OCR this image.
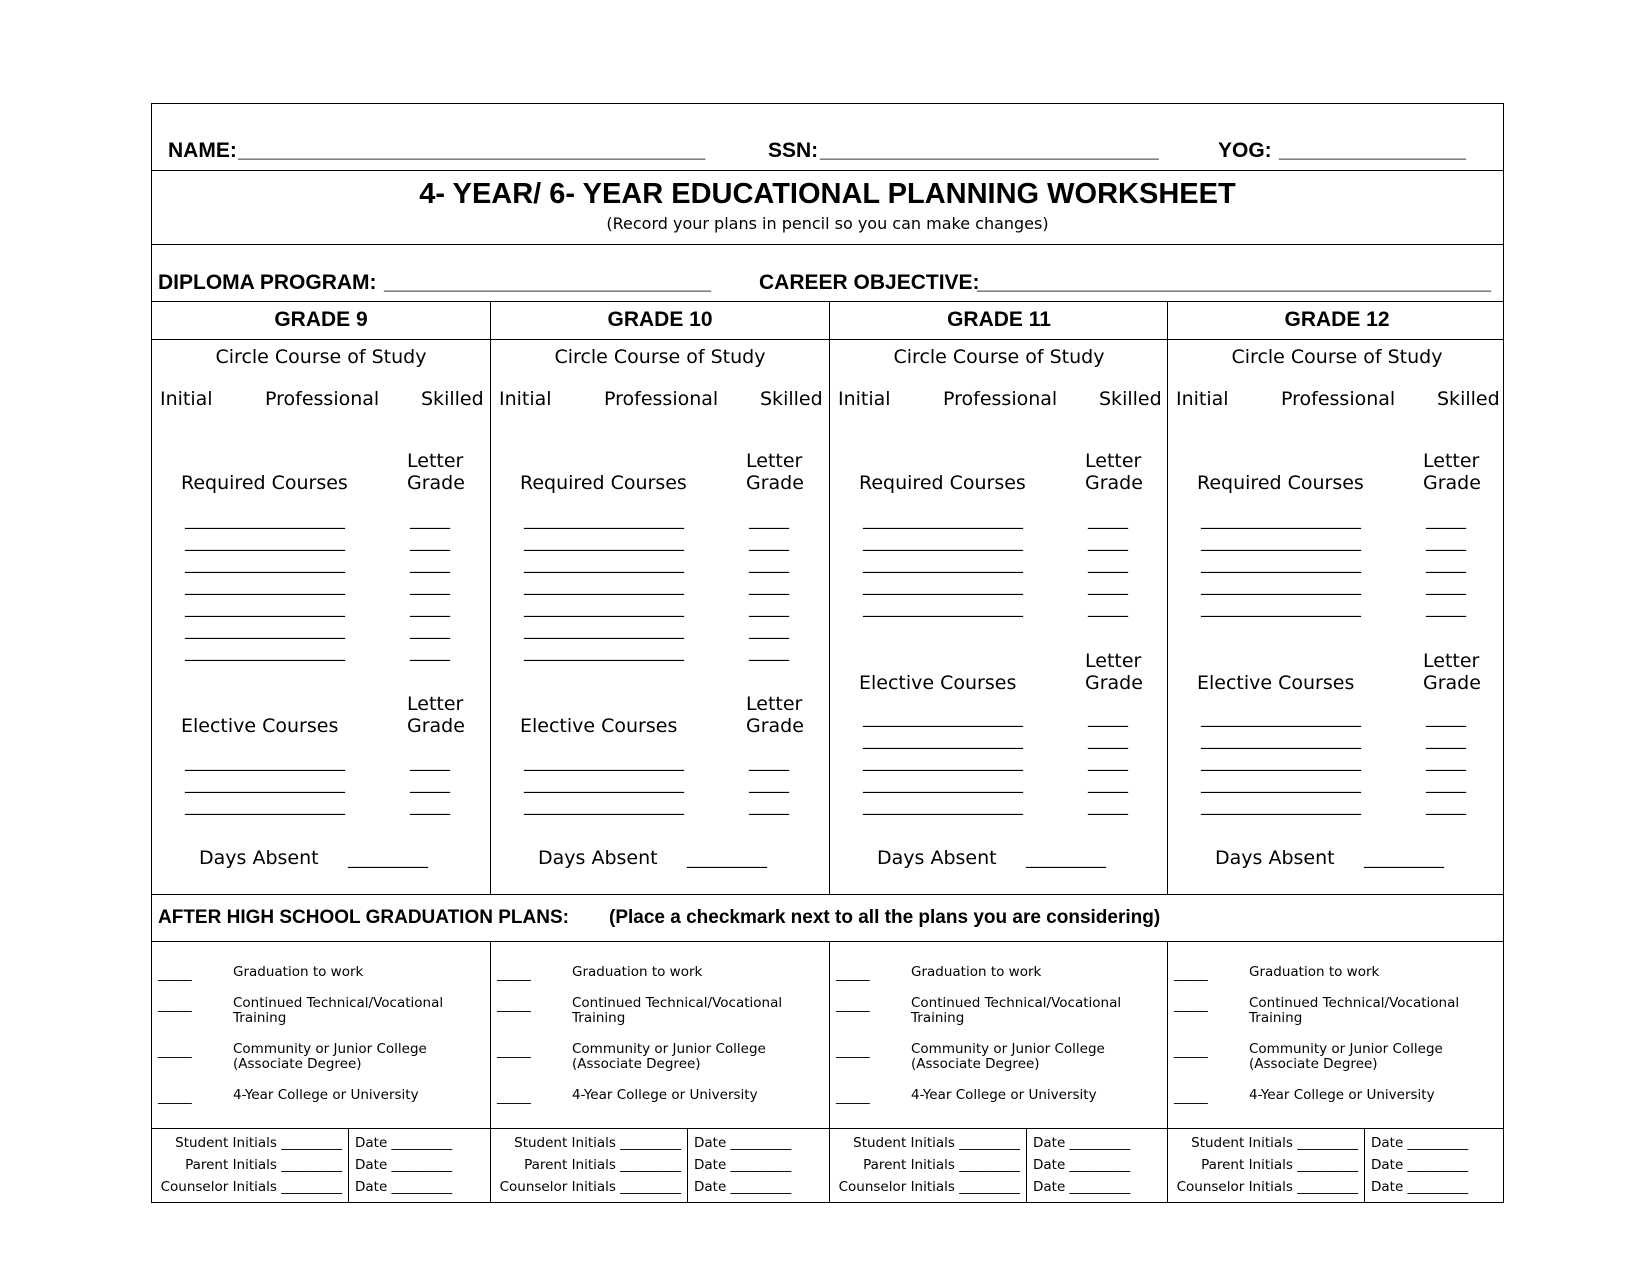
NAME: ________________________________________	SSN: _____________________________	YOG: ________________
4- YEAR/ 6- YEAR EDUCATIONAL PLANNING WORKSHEET
(Record your plans in pencil so you can make changes)
DIPLOMA PROGRAM: ____________________________ CAREER OBJECTIVE:
____________________________________________
AFTER HIGH SCHOOL GRADUATION PLANS: (Place a checkmark next to all the plans you are considering)
GRADE 9
Circle Course of Study
Initial	Professional Skilled
Required Courses
Letter
Grade
____________________	_____
____________________	_____
____________________	_____
____________________	_____
____________________	_____
____________________	_____
____________________	_____
Elective Courses
Letter
Grade
____________________	_____
____________________	_____
____________________	_____
Days Absent __________
_____	Graduation to work
_____	Continued Technical/Vocational
Training
_____	Community or Junior College
(Associate Degree)
_____	4-Year College or University
Student Initials _________ Date _________
Parent Initials _________ Date _________
Counselor Initials _________ Date _________
GRADE 10
Circle Course of Study
Initial	Professional Skilled
Required Courses
Letter
Grade
____________________	_____
____________________	_____
____________________	_____
____________________	_____
____________________	_____
____________________	_____
____________________	_____
Elective Courses
Letter
Grade
____________________	_____
____________________	_____
____________________	_____
Days Absent __________
_____	Graduation to work
_____	Continued Technical/Vocational
Training
_____	Community or Junior College
(Associate Degree)
_____	4-Year College or University
Student Initials _________ Date _________
Parent Initials _________ Date _________
Counselor Initials _________ Date _________
GRADE 11
Circle Course of Study
Initial	Professional Skilled
Required Courses
Letter
Grade
____________________	_____
____________________	_____
____________________	_____
____________________	_____
____________________	_____
Elective Courses
Letter
Grade
____________________	_____
____________________	_____
____________________	_____
____________________	_____
____________________	_____
Days Absent __________
_____	Graduation to work
_____	Continued Technical/Vocational
Training
_____	Community or Junior College
(Associate Degree)
_____	4-Year College or University
Student Initials _________ Date _________
Parent Initials _________ Date _________
Counselor Initials _________ Date _________
GRADE 12
Circle Course of Study
Initial	Professional Skilled
Required Courses
Letter
Grade
____________________	_____
____________________	_____
____________________	_____
____________________	_____
____________________	_____
Elective Courses
Letter
Grade
____________________	_____
____________________	_____
____________________	_____
____________________	_____
____________________	_____
Days Absent __________
_____	Graduation to work
_____	Continued Technical/Vocational
Training
_____	Community or Junior College
(Associate Degree)
_____	4-Year College or University
Student Initials _________ Date _________
Parent Initials _________ Date _________
Counselor Initials _________ Date _________
